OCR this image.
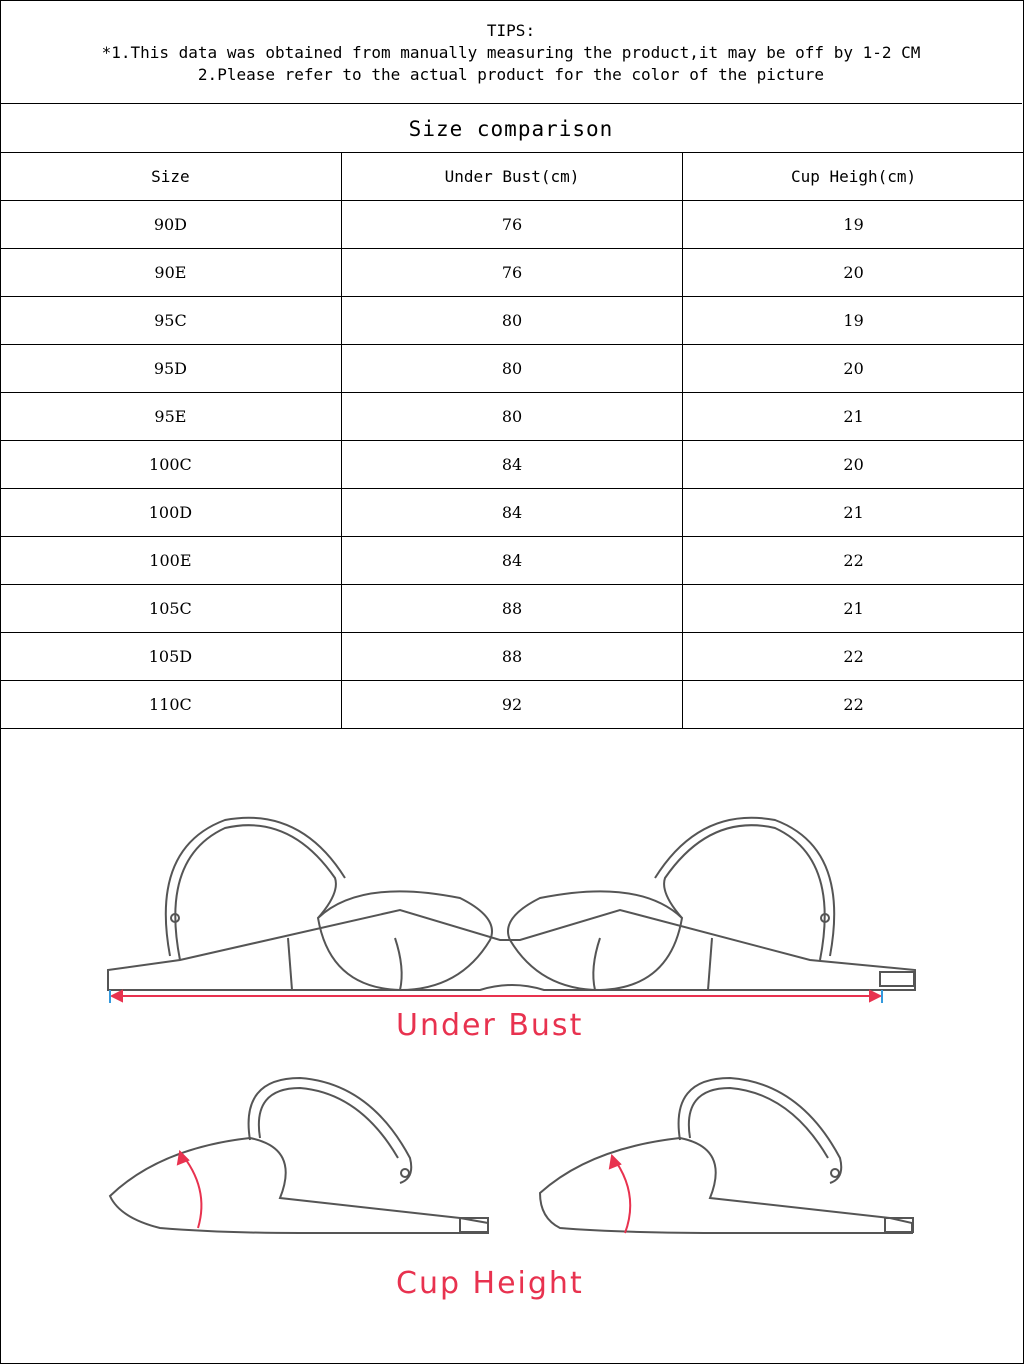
TIPS:
*1.This data was obtained from manually measuring the product,it may be off by 1-2 CM
2.Please refer to the actual product for the color of the picture
Size comparison
Size	Under Bust(cm)	Cup Heigh(cm)
90D	76	19
90E	76	20
95C	80	19
95D	80	20
95E	80	21
100C	84	20
100D	84	21
100E	84	22
105C	88	21
105D	88	22
110C	92	22
Under Bust
Cup Height
